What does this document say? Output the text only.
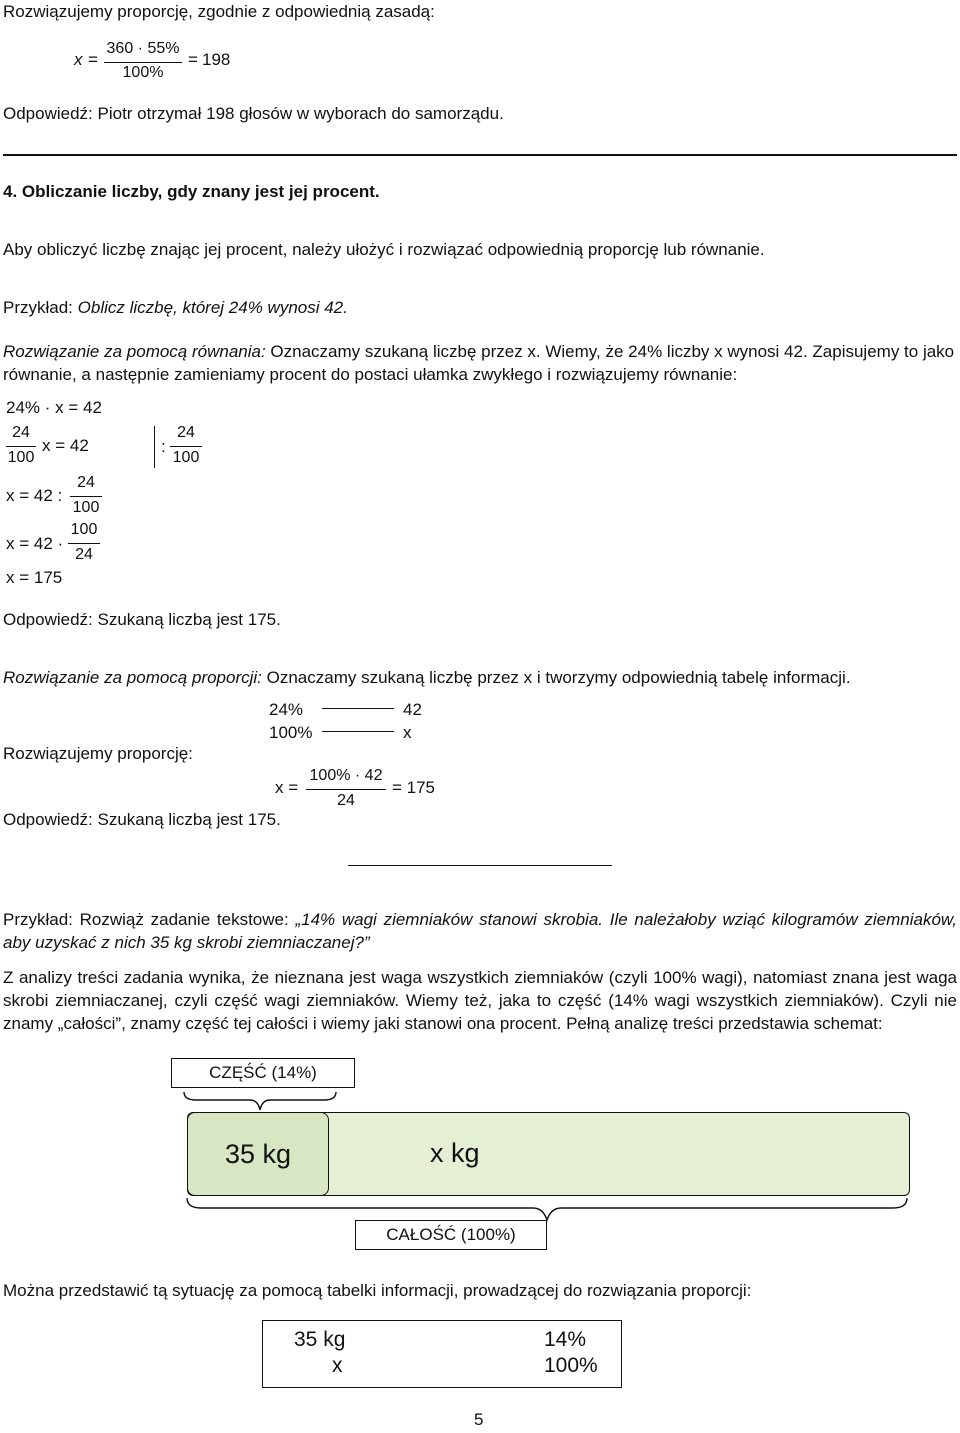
Rozwiązujemy proporcję, zgodnie z odpowiednią zasadą:
x =
360 · 55%
100%
= 198
Odpowiedź: Piotr otrzymał 198 głosów w wyborach do samorządu.
4. Obliczanie liczby, gdy znany jest jej procent.
Aby obliczyć liczbę znając jej procent, należy ułożyć i rozwiązać odpowiednią proporcję lub równanie.
Przykład: Oblicz liczbę, której 24% wynosi 42.
Rozwiązanie za pomocą równania: Oznaczamy szukaną liczbę przez x. Wiemy, że 24% liczby x wynosi 42. Zapisujemy to jako równanie, a następnie zamieniamy procent do postaci ułamka zwykłego i rozwiązujemy równanie:
24% · x = 42
24
100
x = 42	:
24
100
x = 42 :
24
100
x = 42 ·
100
24
x = 175
Odpowiedź: Szukaną liczbą jest 175.
Rozwiązanie za pomocą proporcji: Oznaczamy szukaną liczbę przez x i tworzymy odpowiednią tabelę informacji.
24%	42
100%	x
Rozwiązujemy proporcję:
x =
100% · 42
24
= 175
Odpowiedź: Szukaną liczbą jest 175.
Przykład: Rozwiąż zadanie tekstowe: „14% wagi ziemniaków stanowi skrobia. Ile należałoby wziąć kilogramów ziemniaków, aby uzyskać z nich 35 kg skrobi ziemniaczanej?”
Z analizy treści zadania wynika, że nieznana jest waga wszystkich ziemniaków (czyli 100% wagi), natomiast znana jest waga skrobi ziemniaczanej, czyli część wagi ziemniaków. Wiemy też, jaka to część (14% wagi wszystkich ziemniaków). Czyli nie znamy „całości”, znamy część tej całości i wiemy jaki stanowi ona procent. Pełną analizę treści przedstawia schemat:
CZĘŚĆ (14%)
35 kg	x kg
CAŁOŚĆ (100%)
Można przedstawić tą sytuację za pomocą tabelki informacji, prowadzącej do rozwiązania proporcji:
35 kg	14%
x	100%
5
